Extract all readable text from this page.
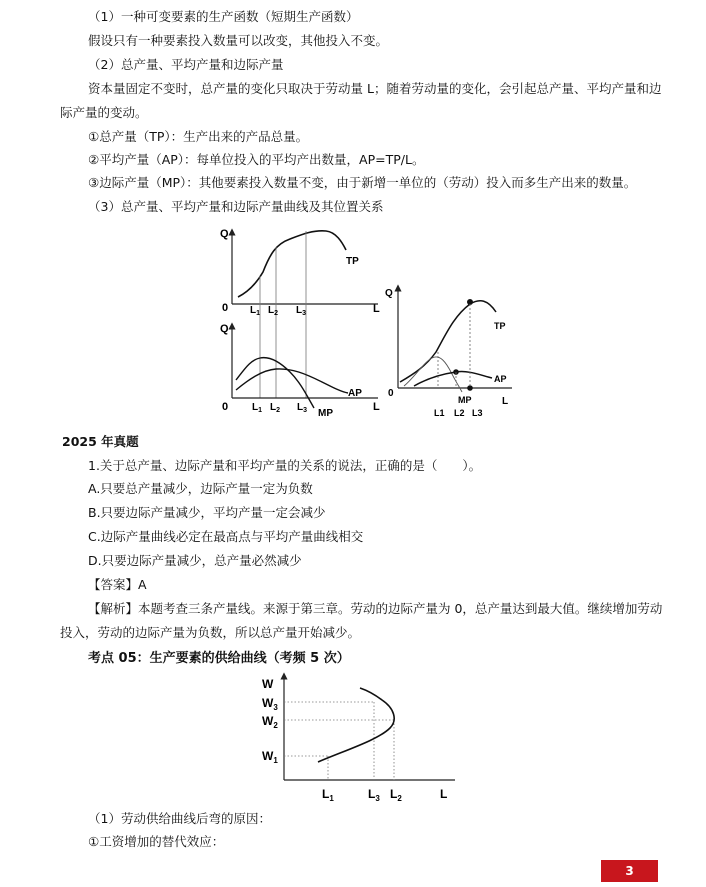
（1）一种可变要素的生产函数（短期生产函数）
假设只有一种要素投入数量可以改变，其他投入不变。
（2）总产量、平均产量和边际产量
资本量固定不变时，总产量的变化只取决于劳动量 L；随着劳动量的变化，会引起总产量、平均产量和边
际产量的变动。
①总产量（TP）：生产出来的产品总量。
②平均产量（AP）：每单位投入的平均产出数量，AP=TP/L。
③边际产量（MP）：其他要素投入数量不变，由于新增一单位的（劳动）投入而多生产出来的数量。
（3）总产量、平均产量和边际产量曲线及其位置关系
Q
0	L
TP
$L_1$ $L_2$ $L_3$
Q
0	L
MP
AP
$L_1$ $L_2$ $L_3$
Q
0
L
TP
AP
MP
L1 L2 L3
2025 年真题
1.关于总产量、边际产量和平均产量的关系的说法，正确的是（　　）。
A.只要总产量减少，边际产量一定为负数
B.只要边际产量减少，平均产量一定会减少
C.边际产量曲线必定在最高点与平均产量曲线相交
D.只要边际产量减少，总产量必然减少
【答案】A
【解析】本题考查三条产量线。来源于第三章。劳动的边际产量为 0，总产量达到最大值。继续增加劳动
投入，劳动的边际产量为负数，所以总产量开始减少。
考点 05：生产要素的供给曲线（考频 5 次）
W
$W_3$
$W_2$
$W_1$
$L_1$	$L_3$ $L_2$	L
（1）劳动供给曲线后弯的原因：
①工资增加的替代效应：
3
